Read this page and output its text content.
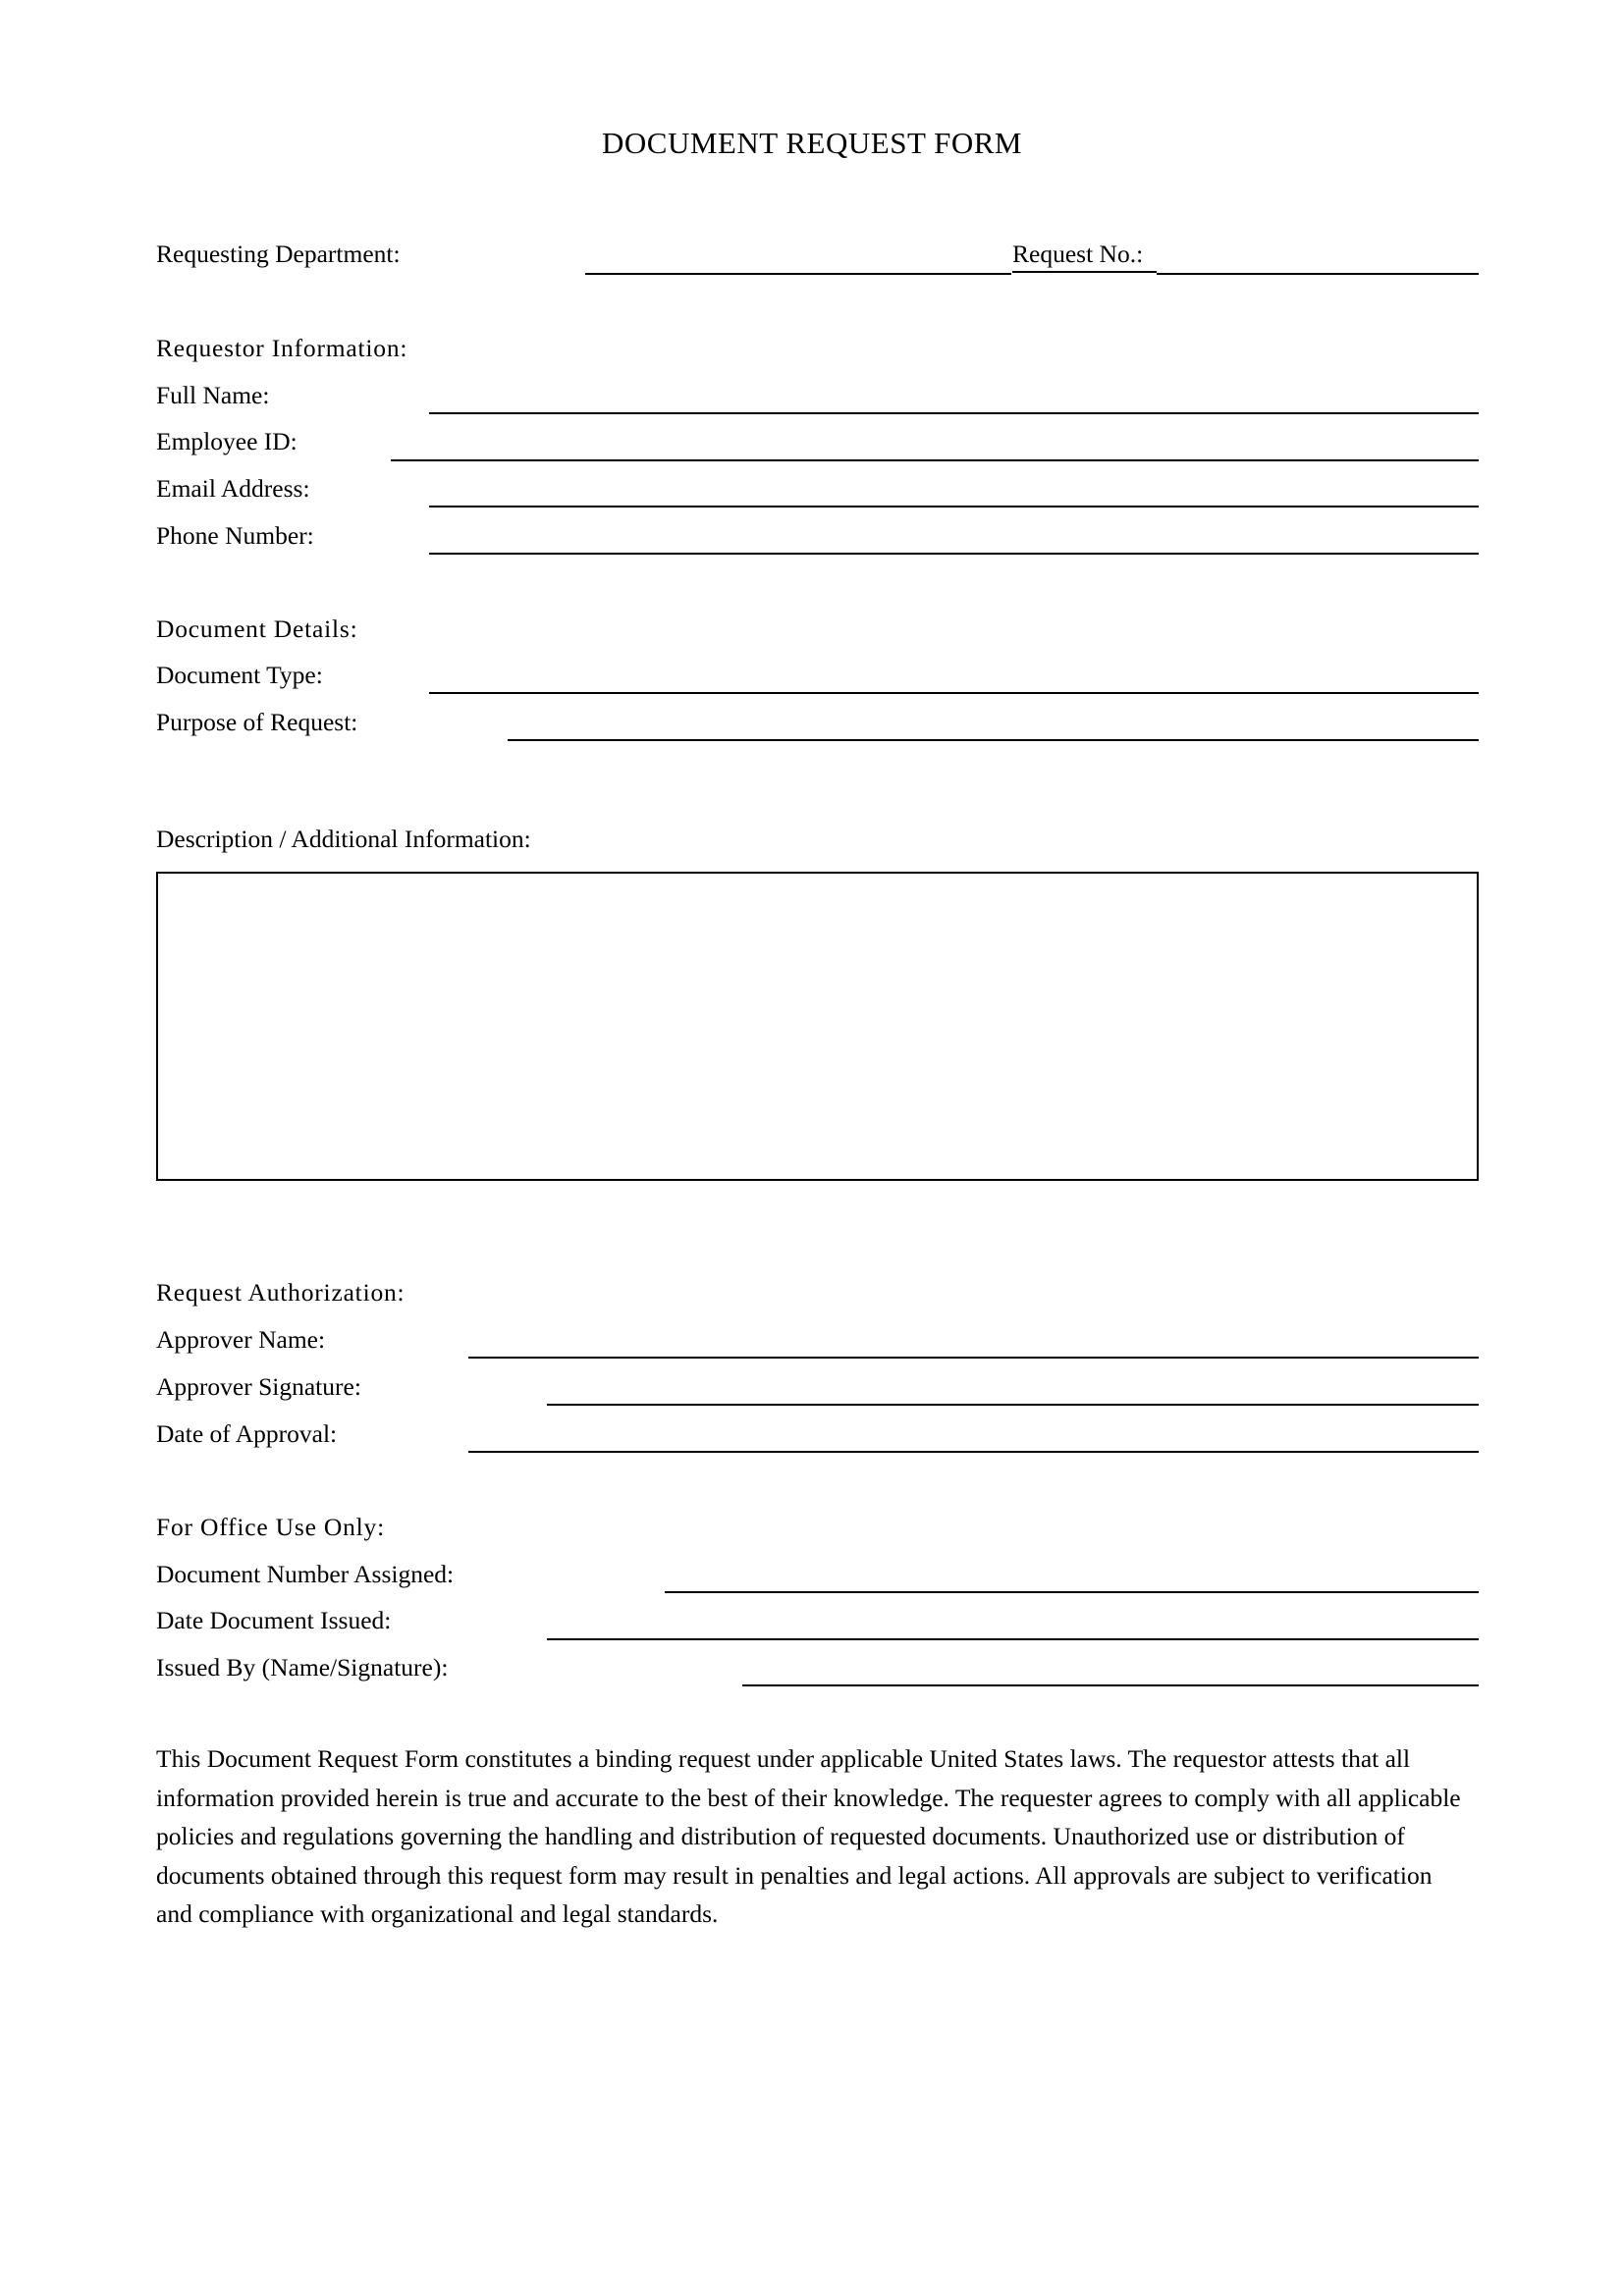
DOCUMENT REQUEST FORM
Requesting Department:	Request No.:
Requestor Information:
Full Name:
Employee ID:
Email Address:
Phone Number:
Document Details:
Document Type:
Purpose of Request:
Description / Additional Information:
Request Authorization:
Approver Name:
Approver Signature:
Date of Approval:
For Office Use Only:
Document Number Assigned:
Date Document Issued:
Issued By (Name/Signature):

This Document Request Form constitutes a binding request under applicable United States laws. The requestor attests that all information provided herein is true and accurate to the best of their knowledge. The requester agrees to comply with all applicable policies and regulations governing the handling and distribution of requested documents. Unauthorized use or distribution of documents obtained through this request form may result in penalties and legal actions. All approvals are subject to verification and compliance with organizational and legal standards.
